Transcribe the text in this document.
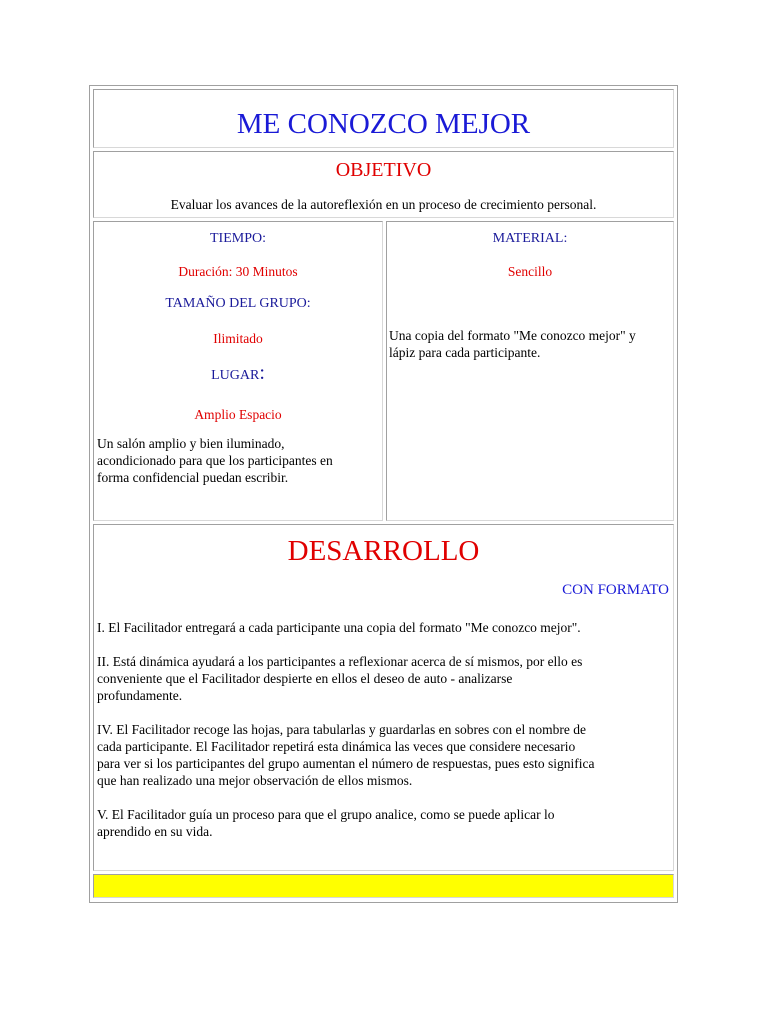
ME CONOZCO MEJOR
OBJETIVO
Evaluar los avances de la autoreflexión en un proceso de crecimiento personal.
TIEMPO:
Duración: 30 Minutos
TAMAÑO DEL GRUPO:
Ilimitado
LUGAR:
Amplio Espacio
Un salón amplio y bien iluminado,
acondicionado para que los participantes en
forma confidencial puedan escribir.
MATERIAL:
Sencillo
Una copia del formato "Me conozco mejor" y
lápiz para cada participante.
DESARROLLO
CON FORMATO
I. El Facilitador entregará a cada participante una copia del formato "Me conozco mejor".
II. Está dinámica ayudará a los participantes a reflexionar acerca de sí mismos, por ello es
conveniente que el Facilitador despierte en ellos el deseo de auto - analizarse
profundamente.
IV. El Facilitador recoge las hojas, para tabularlas y guardarlas en sobres con el nombre de
cada participante. El Facilitador repetirá esta dinámica las veces que considere necesario
para ver si los participantes del grupo aumentan el número de respuestas, pues esto significa
que han realizado una mejor observación de ellos mismos.
V. El Facilitador guía un proceso para que el grupo analice, como se puede aplicar lo
aprendido en su vida.
